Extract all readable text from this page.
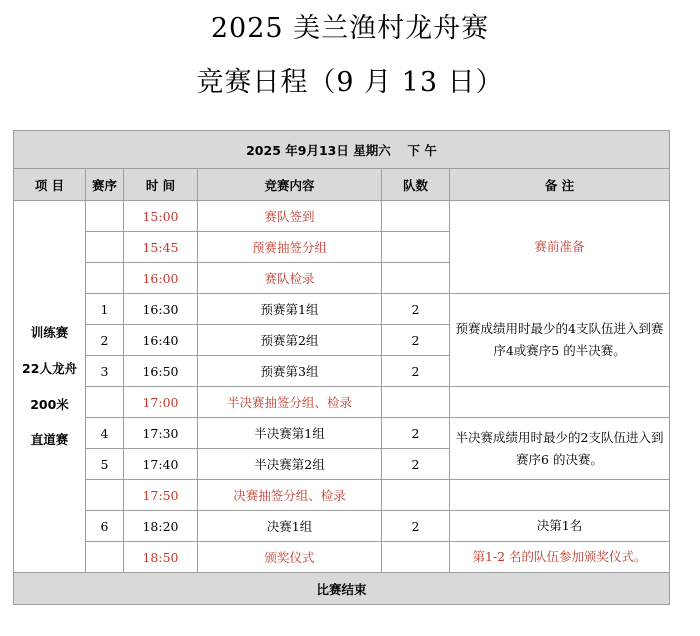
2025 美兰渔村龙舟赛
竞赛日程（9 月 13 日）
2025 年9月13日 星期六　 下 午					
项 目	赛序	时 间	竞赛内容	队数	备 注

训练赛
22人龙舟
200米
直道赛		15:00	赛队签到		赛前准备
		15:45	预赛抽签分组		
		16:00	赛队检录		
	1	16:30	预赛第1组	2	预赛成绩用时最少的4支队伍进入到赛序4或赛序5 的半决赛。
	2	16:40	预赛第2组	2	
	3	16:50	预赛第3组	2	
		17:00	半决赛抽签分组、检录		
	4	17:30	半决赛第1组	2	半决赛成绩用时最少的2支队伍进入到赛序6 的决赛。
	5	17:40	半决赛第2组	2	
		17:50	决赛抽签分组、检录		
	6	18:20	决赛1组	2	决第1名
		18:50	颁奖仪式		第1-2 名的队伍参加颁奖仪式。
比赛结束					
